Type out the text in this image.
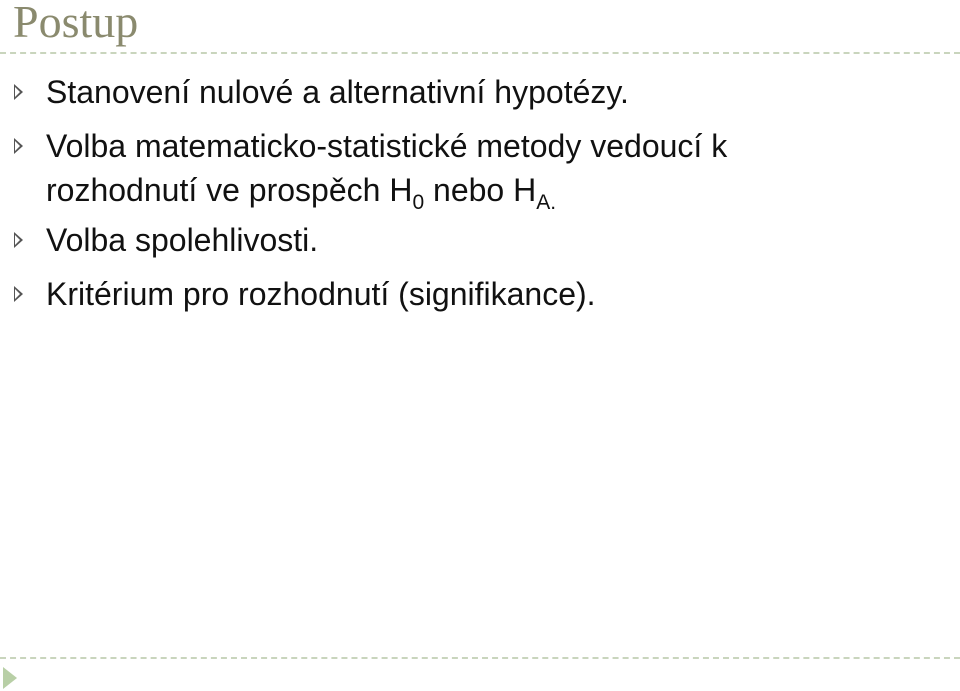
Postup
Stanovení nulové a alternativní hypotézy.
Volba matematicko-statistické metody vedoucí k
rozhodnutí ve prospěch $H_0$ nebo $H_{A.}$
Volba spolehlivosti.
Kritérium pro rozhodnutí (signifikance).
